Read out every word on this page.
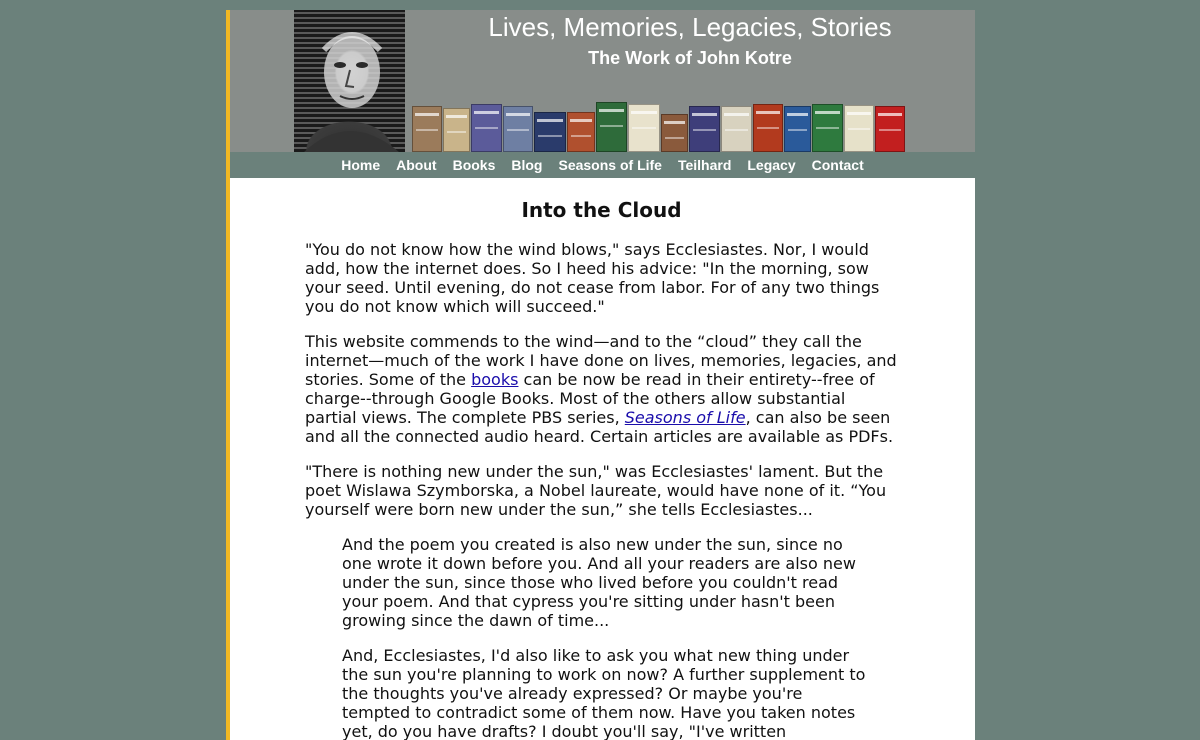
Lives, Memories, Legacies, Stories
The Work of John Kotre
Home	About	Books	Blog	Seasons of Life	Teilhard	Legacy	Contact
Into the Cloud

"You do not know how the wind blows," says Ecclesiastes. Nor, I would add, how the internet does. So I heed his advice: "In the morning, sow your seed. Until evening, do not cease from labor. For of any two things you do not know which will succeed."

This website commends to the wind—and to the “cloud” they call the internet—much of the work I have done on lives, memories, legacies, and stories. Some of the books can be now be read in their entirety--free of charge--through Google Books. Most of the others allow substantial partial views. The complete PBS series, Seasons of Life, can also be seen and all the connected audio heard. Certain articles are available as PDFs.

"There is nothing new under the sun," was Ecclesiastes' lament. But the poet Wislawa Szymborska, a Nobel laureate, would have none of it. “You yourself were born new under the sun,” she tells Ecclesiastes...

And the poem you created is also new under the sun, since no one wrote it down before you. And all your readers are also new under the sun, since those who lived before you couldn't read your poem. And that cypress you're sitting under hasn't been growing since the dawn of time...

And, Ecclesiastes, I'd also like to ask you what new thing under the sun you're planning to work on now? A further supplement to the thoughts you've already expressed? Or maybe you're tempted to contradict some of them now. Have you taken notes yet, do you have drafts? I doubt you'll say, "I've written
